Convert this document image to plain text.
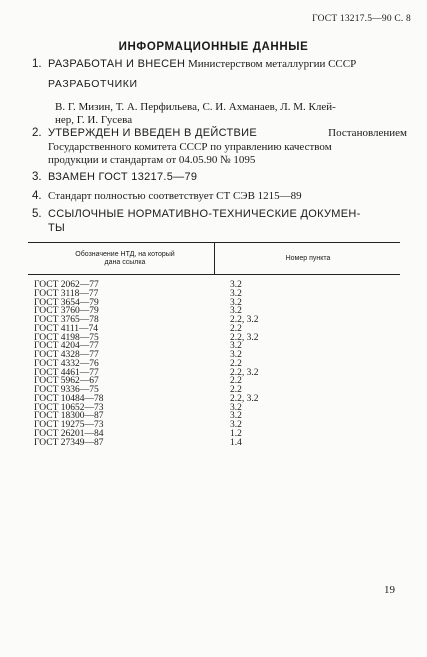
ГОСТ 13217.5—90 С. 8
ИНФОРМАЦИОННЫЕ ДАННЫЕ
1. РАЗРАБОТАН И ВНЕСЕН Министерством металлургии СССР
РАЗРАБОТЧИКИ
В. Г. Мизин, Т. А. Перфильева, С. И. Ахманаев, Л. М. Клей-
нер, Г. И. Гусева
2. УТВЕРЖДЕН И ВВЕДЕН В ДЕЙСТВИЕ	Постановлением
Государственного комитета СССР по управлению качеством
продукции и стандартам от 04.05.90 № 1095
3. ВЗАМЕН ГОСТ 13217.5—79
4. Стандарт полностью соответствует СТ СЭВ 1215—89
5. ССЫЛОЧНЫЕ НОРМАТИВНО-ТЕХНИЧЕСКИЕ ДОКУМЕН-
ТЫ
Обозначение НТД, на который
дана ссылка
Номер пункта
ГОСТ 2062—77
ГОСТ 3118—77
ГОСТ 3654—79
ГОСТ 3760—79
ГОСТ 3765—78
ГОСТ 4111—74
ГОСТ 4198—75
ГОСТ 4204—77
ГОСТ 4328—77
ГОСТ 4332—76
ГОСТ 4461—77
ГОСТ 5962—67
ГОСТ 9336—75
ГОСТ 10484—78
ГОСТ 10652—73
ГОСТ 18300—87
ГОСТ 19275—73
ГОСТ 26201—84
ГОСТ 27349—87
3.2
3.2
3.2
3.2
2.2, 3.2
2.2
2.2, 3.2
3.2
3.2
2.2
2.2, 3.2
2.2
2.2
2.2, 3.2
3.2
3.2
3.2
1.2
1.4
19
